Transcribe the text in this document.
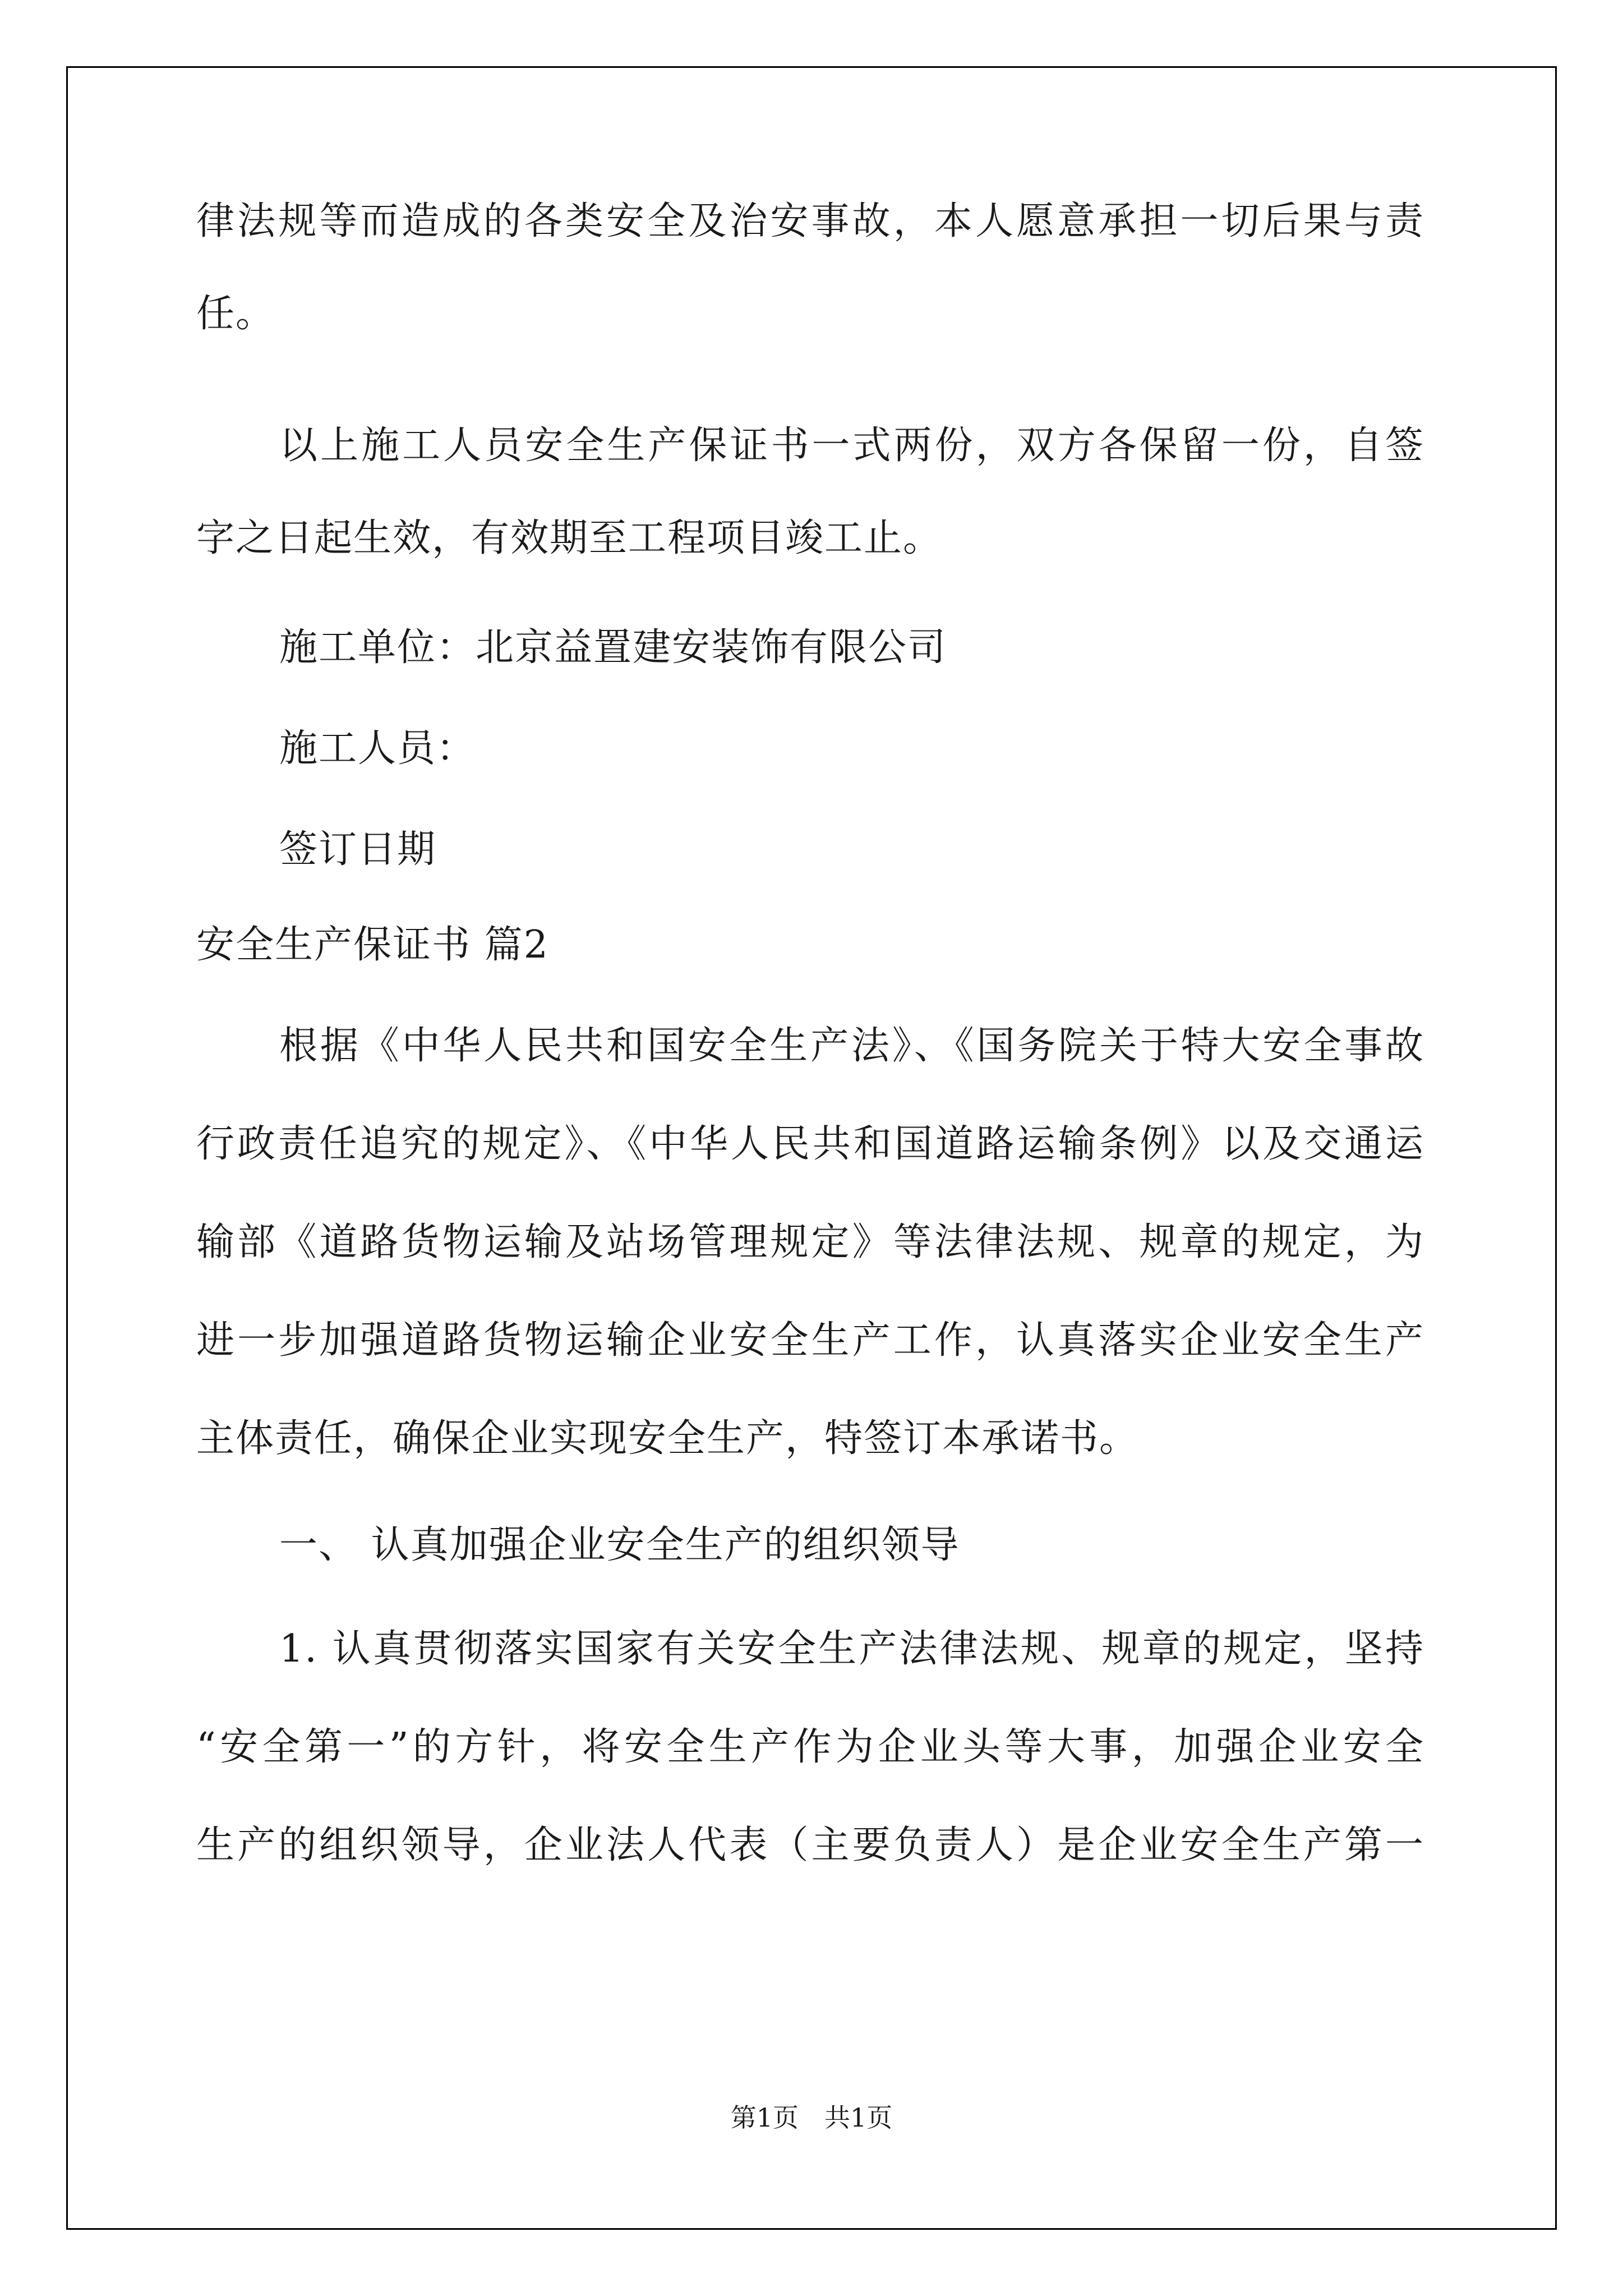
律法规等而造成的各类安全及治安事故，本人愿意承担一切后果与责
任。
以上施工人员安全生产保证书一式两份，双方各保留一份，自签
字之日起生效，有效期至工程项目竣工止。
施工单位：北京益置建安装饰有限公司
施工人员：
签订日期
安全生产保证书 篇2
根据《中华人民共和国安全生产法》、《国务院关于特大安全事故
行政责任追究的规定》、《中华人民共和国道路运输条例》以及交通运
输部《道路货物运输及站场管理规定》等法律法规、规章的规定，为
进一步加强道路货物运输企业安全生产工作，认真落实企业安全生产
主体责任，确保企业实现安全生产，特签订本承诺书。
一、 认真加强企业安全生产的组织领导
1. 认真贯彻落实国家有关安全生产法律法规、规章的规定，坚持
“安全第一”的方针，将安全生产作为企业头等大事，加强企业安全
生产的组织领导，企业法人代表（主要负责人）是企业安全生产第一
第1页　共1页
